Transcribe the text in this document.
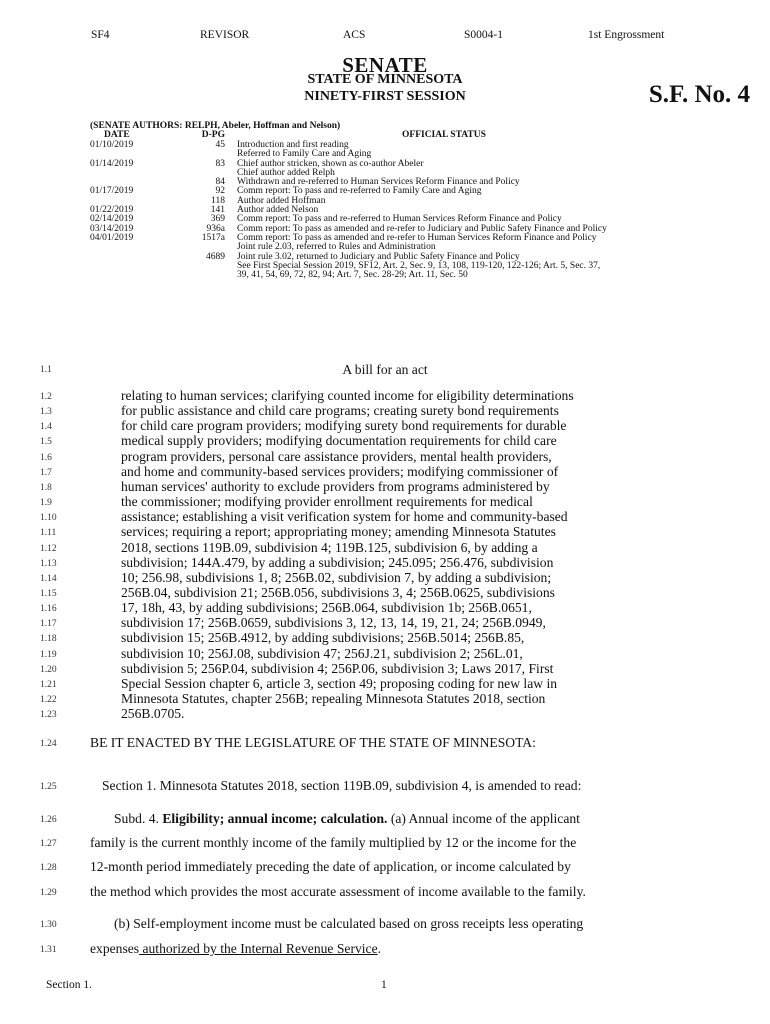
SF4	REVISOR	ACS	S0004-1	1st Engrossment
SENATE
STATE OF MINNESOTA
NINETY-FIRST SESSION	S.F. No. 4
(SENATE AUTHORS: RELPH, Abeler, Hoffman and Nelson)
DATE	D-PG	OFFICIAL STATUS
01/10/2019	45 Introduction and first reading
Referred to Family Care and Aging
01/14/2019	83 Chief author stricken, shown as co-author Abeler
Chief author added Relph
84 Withdrawn and re-referred to Human Services Reform Finance and Policy
01/17/2019	92 Comm report: To pass and re-referred to Family Care and Aging
118 Author added Hoffman
01/22/2019	141 Author added Nelson
02/14/2019	369 Comm report: To pass and re-referred to Human Services Reform Finance and Policy
03/14/2019	936a Comm report: To pass as amended and re-refer to Judiciary and Public Safety Finance and Policy
04/01/2019	1517a Comm report: To pass as amended and re-refer to Human Services Reform Finance and Policy
Joint rule 2.03, referred to Rules and Administration
4689 Joint rule 3.02, returned to Judiciary and Public Safety Finance and Policy
See First Special Session 2019, SF12, Art. 2, Sec. 9, 13, 108, 119-120, 122-126; Art. 5, Sec. 37,
39, 41, 54, 69, 72, 82, 94; Art. 7, Sec. 28-29; Art. 11, Sec. 50
1.1	A bill for an act
1.2	relating to human services; clarifying counted income for eligibility determinations
1.3	for public assistance and child care programs; creating surety bond requirements
1.4	for child care program providers; modifying surety bond requirements for durable
1.5	medical supply providers; modifying documentation requirements for child care
1.6	program providers, personal care assistance providers, mental health providers,
1.7	and home and community-based services providers; modifying commissioner of
1.8	human services' authority to exclude providers from programs administered by
1.9	the commissioner; modifying provider enrollment requirements for medical
1.10	assistance; establishing a visit verification system for home and community-based
1.11	services; requiring a report; appropriating money; amending Minnesota Statutes
1.12	2018, sections 119B.09, subdivision 4; 119B.125, subdivision 6, by adding a
1.13	subdivision; 144A.479, by adding a subdivision; 245.095; 256.476, subdivision
1.14	10; 256.98, subdivisions 1, 8; 256B.02, subdivision 7, by adding a subdivision;
1.15	256B.04, subdivision 21; 256B.056, subdivisions 3, 4; 256B.0625, subdivisions
1.16	17, 18h, 43, by adding subdivisions; 256B.064, subdivision 1b; 256B.0651,
1.17	subdivision 17; 256B.0659, subdivisions 3, 12, 13, 14, 19, 21, 24; 256B.0949,
1.18	subdivision 15; 256B.4912, by adding subdivisions; 256B.5014; 256B.85,
1.19	subdivision 10; 256J.08, subdivision 47; 256J.21, subdivision 2; 256L.01,
1.20	subdivision 5; 256P.04, subdivision 4; 256P.06, subdivision 3; Laws 2017, First
1.21	Special Session chapter 6, article 3, section 49; proposing coding for new law in
1.22	Minnesota Statutes, chapter 256B; repealing Minnesota Statutes 2018, section
1.23	256B.0705.
1.24 BE IT ENACTED BY THE LEGISLATURE OF THE STATE OF MINNESOTA:
1.25	Section 1. Minnesota Statutes 2018, section 119B.09, subdivision 4, is amended to read:
1.26	Subd. 4. Eligibility; annual income; calculation. (a) Annual income of the applicant
1.27 family is the current monthly income of the family multiplied by 12 or the income for the
1.28 12-month period immediately preceding the date of application, or income calculated by
1.29 the method which provides the most accurate assessment of income available to the family.
1.30	(b) Self-employment income must be calculated based on gross receipts less operating
1.31 expenses authorized by the Internal Revenue Service.
Section 1.	1
